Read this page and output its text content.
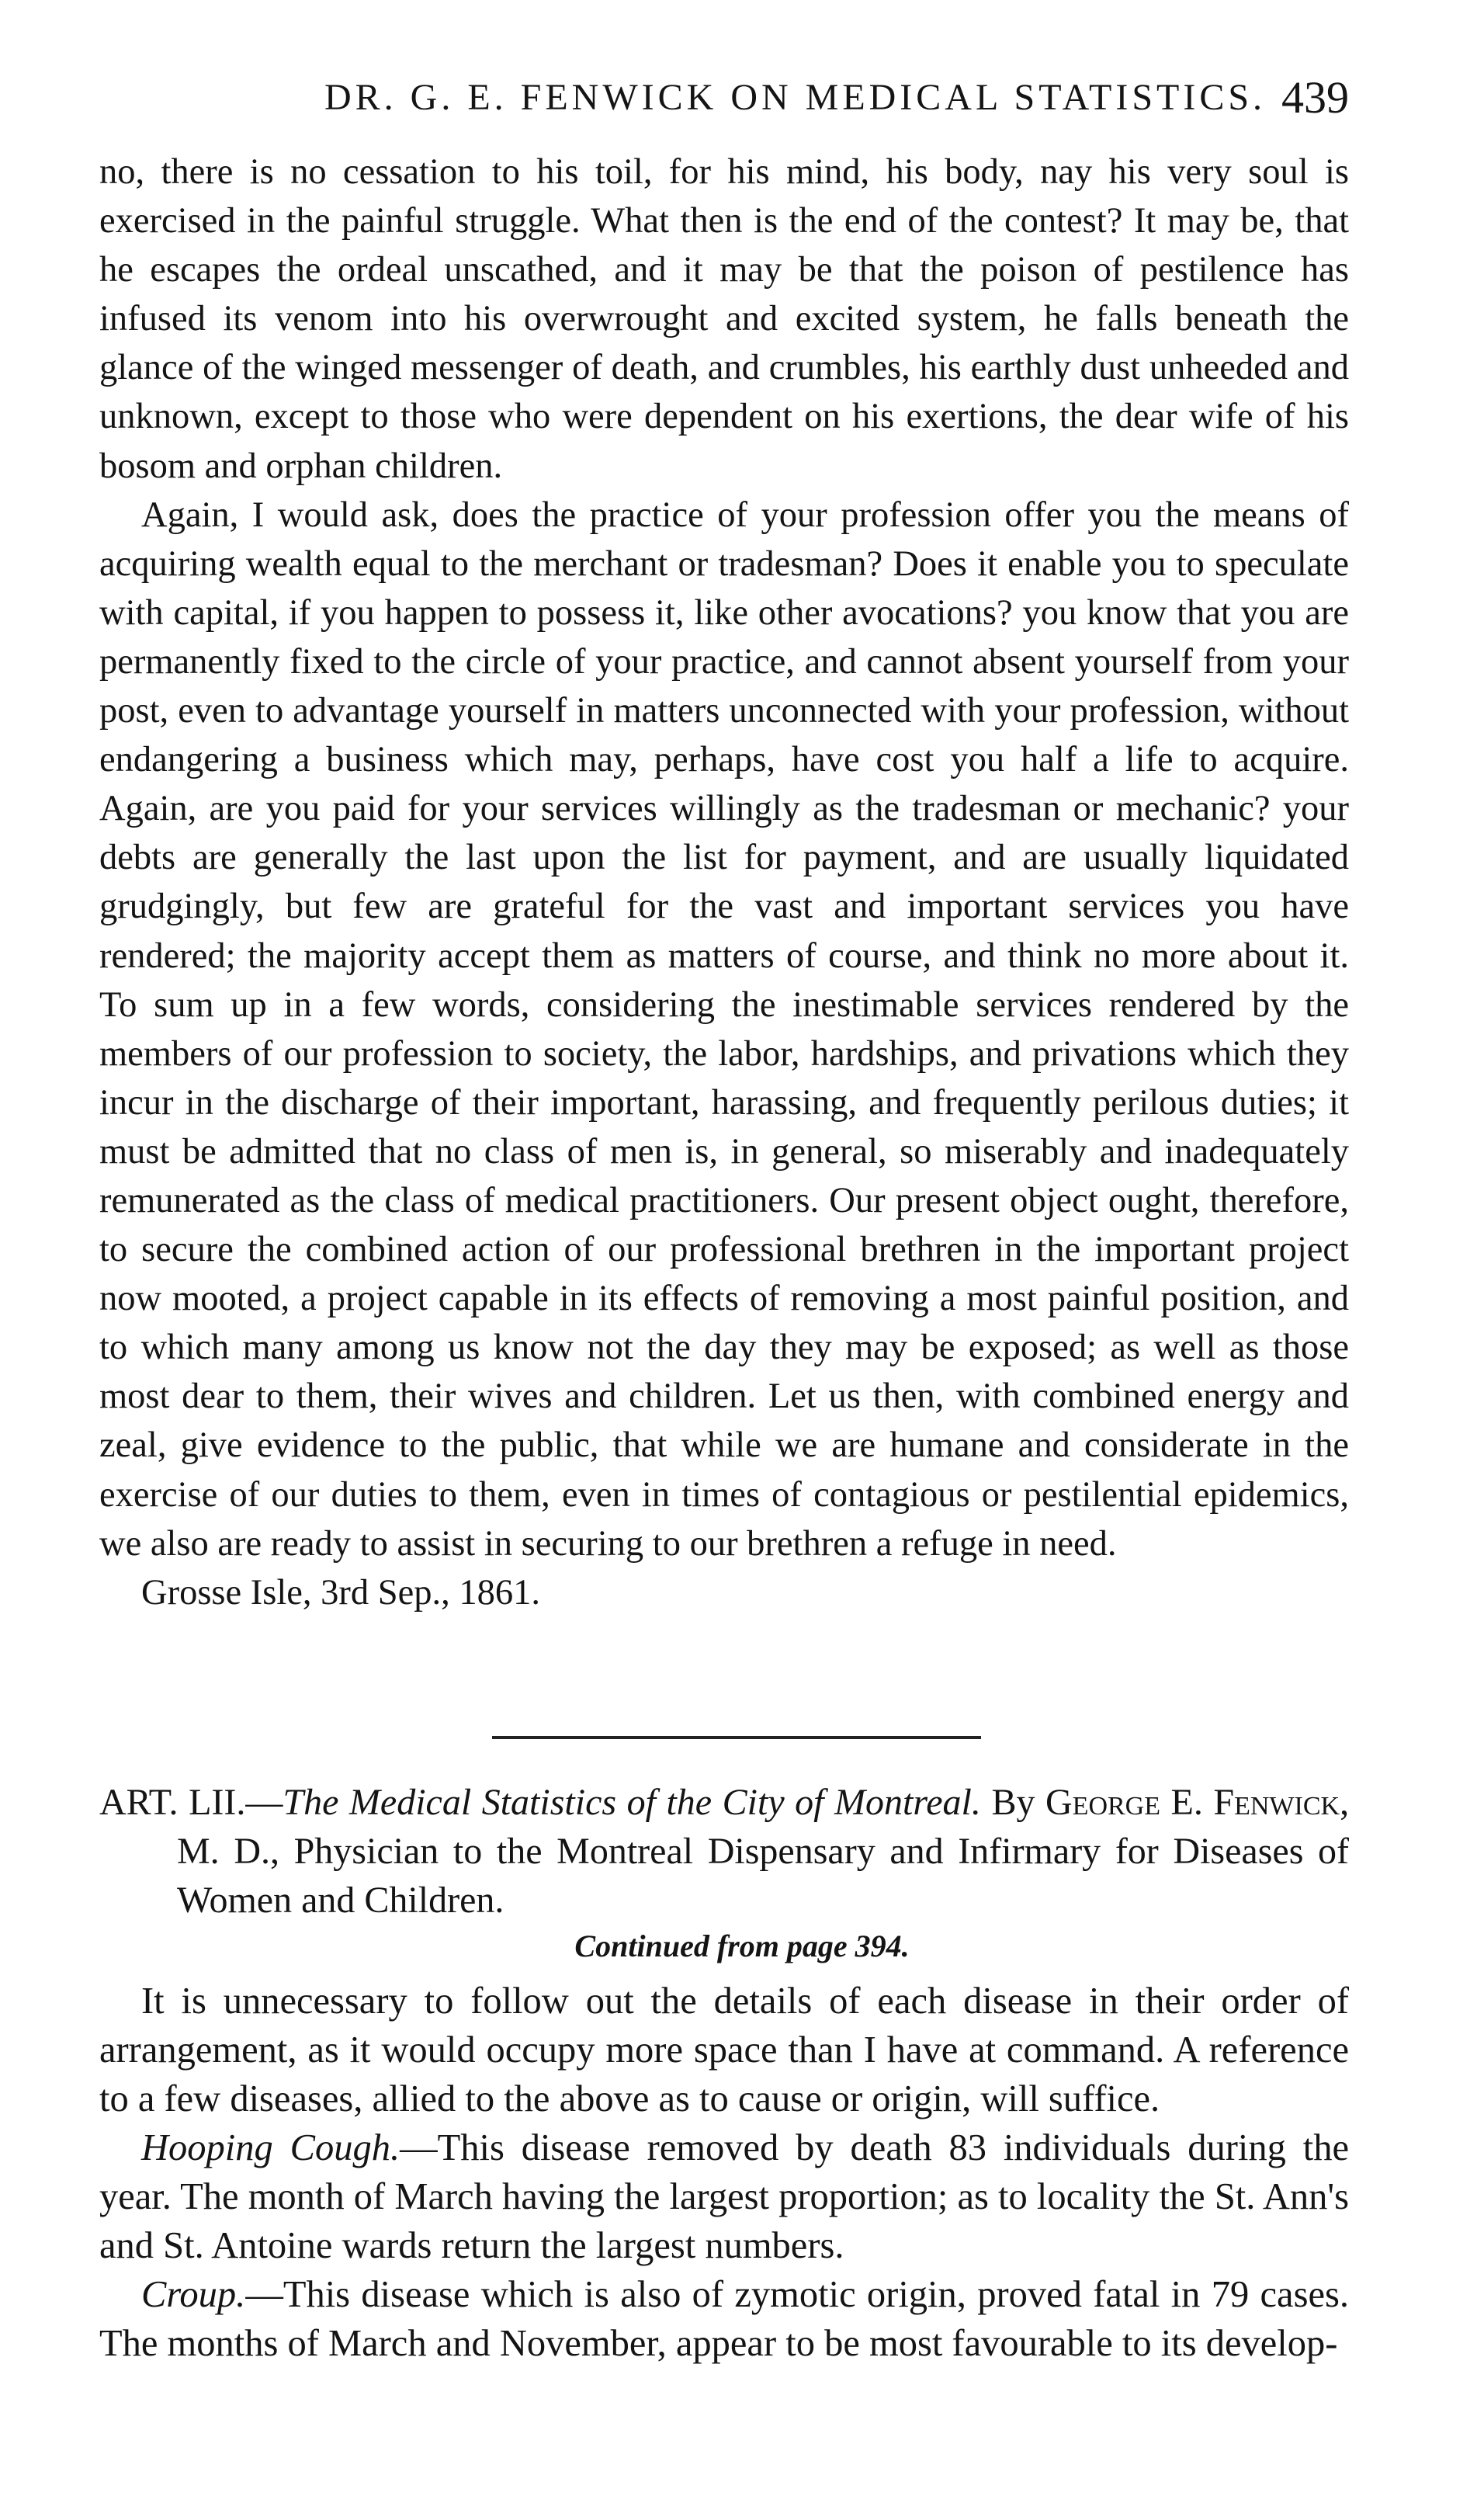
DR. G. E. FENWICK ON MEDICAL STATISTICS. 439

no, there is no cessation to his toil, for his mind, his body, nay his very soul is exercised in the painful struggle. What then is the end of the contest? It may be, that he escapes the ordeal unscathed, and it may be that the poison of pestilence has infused its venom into his overwrought and excited system, he falls beneath the glance of the winged messenger of death, and crumbles, his earthly dust unheeded and unknown, except to those who were dependent on his exertions, the dear wife of his bosom and orphan children.

Again, I would ask, does the practice of your profession offer you the means of acquiring wealth equal to the merchant or tradesman? Does it enable you to speculate with capital, if you happen to possess it, like other avocations? you know that you are permanently fixed to the circle of your practice, and cannot absent yourself from your post, even to advantage yourself in matters unconnected with your profession, without endangering a business which may, perhaps, have cost you half a life to acquire. Again, are you paid for your services willingly as the tradesman or mechanic? your debts are generally the last upon the list for payment, and are usually liquidated grudgingly, but few are grateful for the vast and important services you have rendered; the majority accept them as matters of course, and think no more about it. To sum up in a few words, considering the inestimable services rendered by the members of our profession to society, the labor, hardships, and privations which they incur in the discharge of their important, harassing, and frequently perilous duties; it must be admitted that no class of men is, in general, so miserably and inadequately remunerated as the class of medical practitioners. Our present object ought, therefore, to secure the combined action of our professional brethren in the important project now mooted, a project capable in its effects of removing a most painful position, and to which many among us know not the day they may be exposed; as well as those most dear to them, their wives and children. Let us then, with combined energy and zeal, give evidence to the public, that while we are humane and considerate in the exercise of our duties to them, even in times of contagious or pestilential epidemics, we also are ready to assist in securing to our brethren a refuge in need.

Grosse Isle, 3rd Sep., 1861.

ART. LII.—The Medical Statistics of the City of Montreal. By George E. Fenwick, M. D., Physician to the Montreal Dispensary and Infirmary for Diseases of Women and Children.

Continued from page 394.

It is unnecessary to follow out the details of each disease in their order of arrangement, as it would occupy more space than I have at command. A reference to a few diseases, allied to the above as to cause or origin, will suffice.

Hooping Cough.—This disease removed by death 83 individuals during the year. The month of March having the largest proportion; as to locality the St. Ann's and St. Antoine wards return the largest numbers.

Croup.—This disease which is also of zymotic origin, proved fatal in 79 cases. The months of March and November, appear to be most favourable to its develop-
